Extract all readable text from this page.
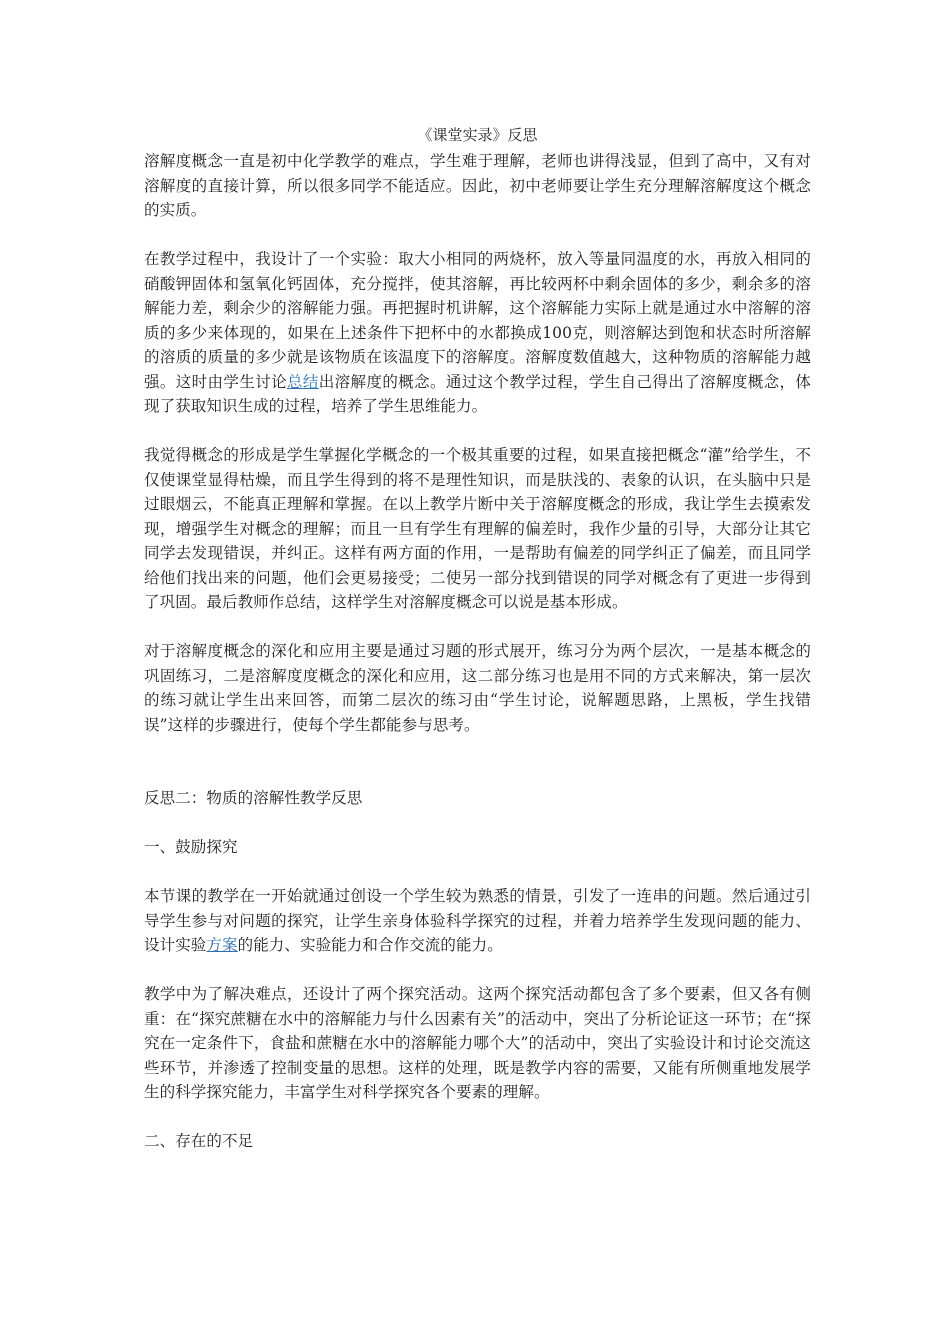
《课堂实录》反思

溶解度概念一直是初中化学教学的难点，学生难于理解，老师也讲得浅显，但到了高中，又有对溶解度的直接计算，所以很多同学不能适应。因此，初中老师要让学生充分理解溶解度这个概念的实质。

在教学过程中，我设计了一个实验：取大小相同的两烧杯，放入等量同温度的水，再放入相同的硝酸钾固体和氢氧化钙固体，充分搅拌，使其溶解，再比较两杯中剩余固体的多少，剩余多的溶解能力差，剩余少的溶解能力强。再把握时机讲解，这个溶解能力实际上就是通过水中溶解的溶质的多少来体现的，如果在上述条件下把杯中的水都换成100克，则溶解达到饱和状态时所溶解的溶质的质量的多少就是该物质在该温度下的溶解度。溶解度数值越大，这种物质的溶解能力越强。这时由学生讨论总结出溶解度的概念。通过这个教学过程，学生自己得出了溶解度概念，体现了获取知识生成的过程，培养了学生思维能力。

我觉得概念的形成是学生掌握化学概念的一个极其重要的过程，如果直接把概念“灌”给学生，不仅使课堂显得枯燥，而且学生得到的将不是理性知识，而是肤浅的、表象的认识，在头脑中只是过眼烟云，不能真正理解和掌握。在以上教学片断中关于溶解度概念的形成，我让学生去摸索发现，增强学生对概念的理解；而且一旦有学生有理解的偏差时，我作少量的引导，大部分让其它同学去发现错误，并纠正。这样有两方面的作用，一是帮助有偏差的同学纠正了偏差，而且同学给他们找出来的问题，他们会更易接受；二使另一部分找到错误的同学对概念有了更进一步得到了巩固。最后教师作总结，这样学生对溶解度概念可以说是基本形成。

对于溶解度概念的深化和应用主要是通过习题的形式展开，练习分为两个层次，一是基本概念的巩固练习，二是溶解度度概念的深化和应用，这二部分练习也是用不同的方式来解决，第一层次的练习就让学生出来回答，而第二层次的练习由“学生讨论，说解题思路，上黑板，学生找错误”这样的步骤进行，使每个学生都能参与思考。

反思二：物质的溶解性教学反思

一、鼓励探究

本节课的教学在一开始就通过创设一个学生较为熟悉的情景，引发了一连串的问题。然后通过引导学生参与对问题的探究，让学生亲身体验科学探究的过程，并着力培养学生发现问题的能力、设计实验方案的能力、实验能力和合作交流的能力。

教学中为了解决难点，还设计了两个探究活动。这两个探究活动都包含了多个要素，但又各有侧重：在“探究蔗糖在水中的溶解能力与什么因素有关”的活动中，突出了分析论证这一环节；在“探究在一定条件下，食盐和蔗糖在水中的溶解能力哪个大”的活动中，突出了实验设计和讨论交流这些环节，并渗透了控制变量的思想。这样的处理，既是教学内容的需要，又能有所侧重地发展学生的科学探究能力，丰富学生对科学探究各个要素的理解。

二、存在的不足
